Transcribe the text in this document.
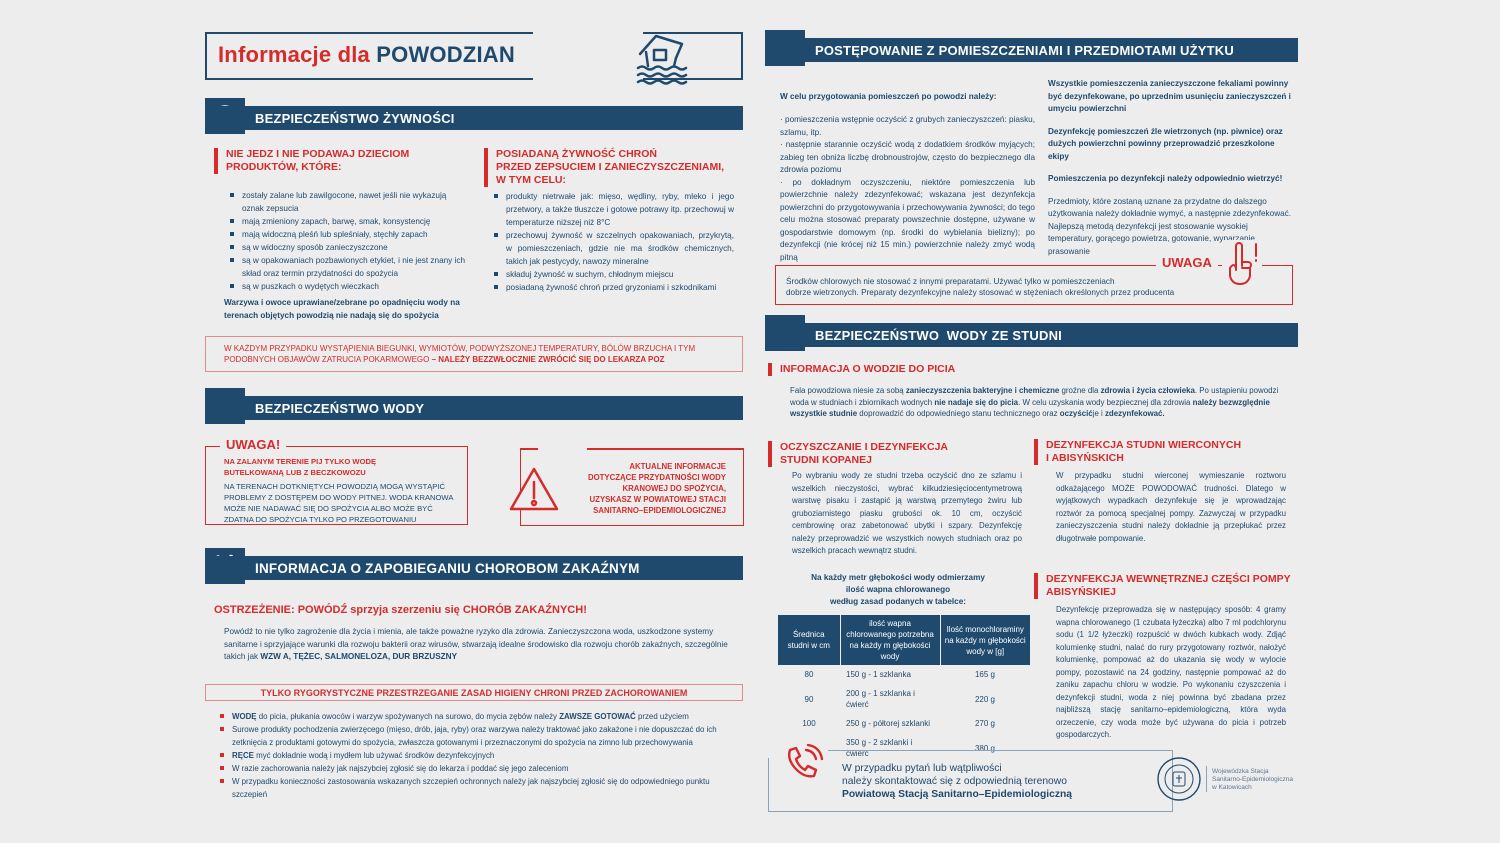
Informacje dla POWODZIAN
BEZPIECZEŃSTWO ŻYWNOŚCI
NIE JEDZ I NIE PODAWAJ DZIECIOM
PRODUKTÓW, KTÓRE:
zostały zalane lub zawilgocone, nawet jeśli nie wykazują oznak zepsucia
mają zmieniony zapach, barwę, smak, konsystencję
mają widoczną pleśń lub spleśniały, stęchły zapach
są w widoczny sposób zanieczyszczone
są w opakowaniach pozbawionych etykiet, i nie jest znany ich skład oraz termin przydatności do spożycia
są w puszkach o wydętych wieczkach
Warzywa i owoce uprawiane/zebrane po opadnięciu wody na terenach objętych powodzią nie nadają się do spożycia
POSIADANĄ ŻYWNOŚĆ CHROŃ
PRZED ZEPSUCIEM I ZANIECZYSZCZENIAMI,
W TYM CELU:
produkty nietrwałe jak: mięso, wędliny, ryby, mleko i jego przetwory, a także tłuszcze i gotowe potrawy itp. przechowuj w temperaturze niższej niż 8°C
przechowuj żywność w szczelnych opakowaniach, przykrytą, w pomieszczeniach, gdzie nie ma środków chemicznych, takich jak pestycydy, nawozy mineralne
składuj żywność w suchym, chłodnym miejscu
posiadaną żywność chroń przed gryzoniami i szkodnikami
W KAŻDYM PRZYPADKU WYSTĄPIENIA BIEGUNKI, WYMIOTÓW, PODWYŻSZONEJ TEMPERATURY, BÓLÓW BRZUCHA I TYM PODOBNYCH OBJAWÓW ZATRUCIA POKARMOWEGO – NALEŻY BEZZWŁOCZNIE ZWRÓCIĆ SIĘ DO LEKARZA POZ
BEZPIECZEŃSTWO WODY
UWAGA!
NA ZALANYM TERENIE PIJ TYLKO WODĘ
BUTELKOWANĄ LUB Z BECZKOWOZU
NA TERENACH DOTKNIĘTYCH POWODZIĄ MOGĄ WYSTĄPIĆ PROBLEMY Z DOSTĘPEM DO WODY PITNEJ. WODA KRANOWA MOŻE NIE NADAWAĆ SIĘ DO SPOŻYCIA ALBO MOŻE BYĆ ZDATNA DO SPOŻYCIA TYLKO PO PRZEGOTOWANIU
AKTUALNE INFORMACJE
DOTYCZĄCE PRZYDATNOŚCI WODY
KRANOWEJ DO SPOŻYCIA,
UZYSKASZ W POWIATOWEJ STACJI
SANITARNO–EPIDEMIOLOGICZNEJ
INFORMACJA O ZAPOBIEGANIU CHOROBOM ZAKAŹNYM
OSTRZEŻENIE: POWÓDŹ sprzyja szerzeniu się CHORÓB ZAKAŹNYCH!
Powódź to nie tylko zagrożenie dla życia i mienia, ale także poważne ryzyko dla zdrowia. Zanieczyszczona woda, uszkodzone systemy sanitarne i sprzyjające warunki dla rozwoju bakterii oraz wirusów, stwarzają idealne środowisko dla rozwoju chorób zakaźnych, szczególnie takich jak WZW A, TĘŻEC, SALMONELOZA, DUR BRZUSZNY
TYLKO RYGORYSTYCZNE PRZESTRZEGANIE ZASAD HIGIENY CHRONI PRZED ZACHOROWANIEM
WODĘ do picia, płukania owoców i warzyw spożywanych na surowo, do mycia zębów należy ZAWSZE GOTOWAĆ przed użyciem
Surowe produkty pochodzenia zwierzęcego (mięso, drób, jaja, ryby) oraz warzywa należy traktować jako zakażone i nie dopuszczać do ich zetknięcia z produktami gotowymi do spożycia, zwłaszcza gotowanymi i przeznaczonymi do spożycia na zimno lub przechowywania
RĘCE myć dokładnie wodą i mydłem lub używać środków dezynfekcyjnych
W razie zachorowania należy jak najszybciej zgłosić się do lekarza i poddać się jego zaleceniom
W przypadku konieczności zastosowania wskazanych szczepień ochronnych należy jak najszybciej zgłosić się do odpowiedniego punktu szczepień
POSTĘPOWANIE Z POMIESZCZENIAMI I PRZEDMIOTAMI UŻYTKU
W celu przygotowania pomieszczeń po powodzi należy:
· pomieszczenia wstępnie oczyścić z grubych zanieczyszczeń: piasku, szlamu, itp.
· następnie starannie oczyścić wodą z dodatkiem środków myjących; zabieg ten obniża liczbę drobnoustrojów, często do bezpiecznego dla zdrowia poziomu
· po dokładnym oczyszczeniu, niektóre pomieszczenia lub powierzchnie należy zdezynfekować; wskazana jest dezynfekcja powierzchni do przygotowywania i przechowywania żywności; do tego celu można stosować preparaty powszechnie dostępne, używane w gospodarstwie domowym (np. środki do wybielania bielizny); po dezynfekcji (nie krócej niż 15 min.) powierzchnie należy zmyć wodą pitną
Wszystkie pomieszczenia zanieczyszczone fekaliami powinny być dezynfekowane, po uprzednim usunięciu zanieczyszczeń i umyciu powierzchni
Dezynfekcję pomieszczeń źle wietrzonych (np. piwnice) oraz dużych powierzchni powinny przeprowadzić przeszkolone ekipy
Pomieszczenia po dezynfekcji należy odpowiednio wietrzyć!
Przedmioty, które zostaną uznane za przydatne do dalszego użytkowania należy dokładnie wymyć, a następnie zdezynfekować. Najlepszą metodą dezynfekcji jest stosowanie wysokiej temperatury, gorącego powietrza, gotowanie, wyparzanie, prasowanie
UWAGA
Środków chlorowych nie stosować z innymi preparatami. Używać tylko w pomieszczeniach
dobrze wietrzonych. Preparaty dezynfekcyjne należy stosować w stężeniach określonych przez producenta
BEZPIECZEŃSTWO  WODY ZE STUDNI
INFORMACJA O WODZIE DO PICIA
Fala powodziowa niesie za sobą zanieczyszczenia bakteryjne i chemiczne groźne dla zdrowia i życia człowieka. Po ustąpieniu powodzi woda w studniach i zbiornikach wodnych nie nadaje się do picia. W celu uzyskania wody bezpiecznej dla zdrowia należy bezwzględnie wszystkie studnie doprowadzić do odpowiedniego stanu technicznego oraz oczyścićje i zdezynfekować.
OCZYSZCZANIE I DEZYNFEKCJA
STUDNI KOPANEJ
Po wybraniu wody ze studni trzeba oczyścić dno ze szlamu i wszelkich nieczystości, wybrać kilkudziesięciocentymetrową warstwę pisaku i zastąpić ją warstwą przemytego żwiru lub gruboziarnistego piasku grubości ok. 10 cm, oczyścić cembrowinę oraz zabetonować ubytki i szpary. Dezynfekcję należy przeprowadzić we wszystkich nowych studniach oraz po wszelkich pracach wewnątrz studni.
DEZYNFEKCJA STUDNI WIERCONYCH
I ABISYŃSKICH
W przypadku studni wierconej wymieszanie roztworu odkażającego MOŻE POWODOWAĆ trudności. Dlatego w wyjątkowych wypadkach dezynfekuje się je wprowadzając roztwór za pomocą specjalnej pompy. Zazwyczaj w przypadku zanieczyszczenia studni należy dokładnie ją przepłukać przez długotrwałe pompowanie.
Na każdy metr głębokości wody odmierzamy
ilość wapna chlorowanego
według zasad podanych w tabelce:
Średnica studni w cm	ilość wapna chlorowanego potrzebna na każdy m głębokości wody	Ilość monochloraminy na każdy m głębokości wody w [g]
80	150 g - 1 szklanka	165 g
90	200 g - 1 szklanka i ćwierć	220 g
100	250 g - półtorej szklanki	270 g
	350 g - 2 szklanki i ćwierć	380 g
DEZYNFEKCJA WEWNĘTRZNEJ CZĘŚCI POMPY
ABISYŃSKIEJ
Dezynfekcję przeprowadza się w następujący sposób: 4 gramy wapna chlorowanego (1 czubata łyżeczka) albo 7 ml podchlorynu sodu (1 1/2 łyżeczki) rozpuścić w dwóch kubkach wody. Zdjąć kolumienkę studni, nalać do rury przygotowany roztwór, nałożyć kolumienkę, pompować aż do ukazania się wody w wylocie pompy, pozostawić na 24 godziny, następnie pompować aż do zaniku zapachu chloru w wodzie. Po wykonaniu czyszczenia i dezynfekcji studni, woda z niej powinna być zbadana przez najbliższą stację sanitarno–epidemiologiczną, która wyda orzeczenie, czy woda może być używana do picia i potrzeb gospodarczych.
W przypadku pytań lub wątpliwości
należy skontaktować się z odpowiednią terenowo
Powiatową Stacją Sanitarno–Epidemiologiczną
Wojewódzka Stacja
Sanitarno-Epidemiologiczna
w Katowicach
